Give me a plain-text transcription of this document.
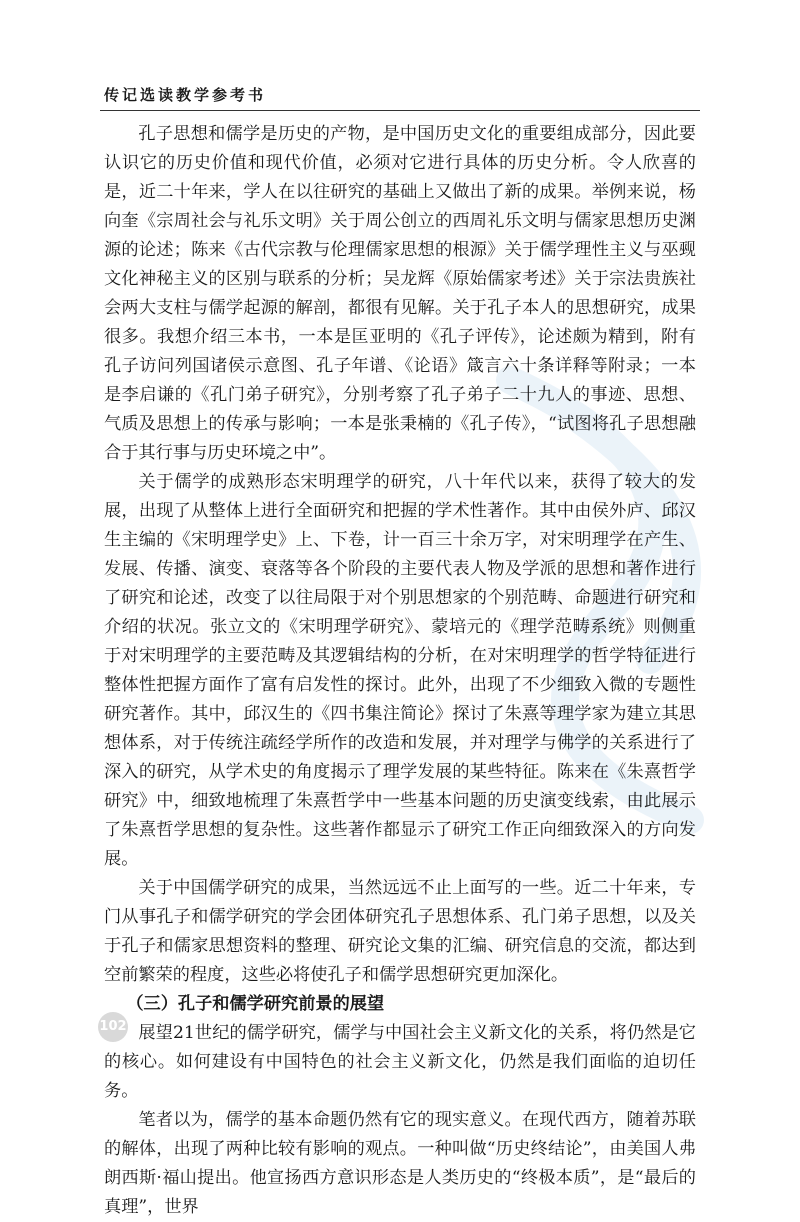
传记选读教学参考书

孔子思想和儒学是历史的产物，是中国历史文化的重要组成部分，因此要认识它的历史价值和现代价值，必须对它进行具体的历史分析。令人欣喜的是，近二十年来，学人在以往研究的基础上又做出了新的成果。举例来说，杨向奎《宗周社会与礼乐文明》关于周公创立的西周礼乐文明与儒家思想历史渊源的论述；陈来《古代宗教与伦理儒家思想的根源》关于儒学理性主义与巫觋文化神秘主义的区别与联系的分析；吴龙辉《原始儒家考述》关于宗法贵族社会两大支柱与儒学起源的解剖，都很有见解。关于孔子本人的思想研究，成果很多。我想介绍三本书，一本是匡亚明的《孔子评传》，论述颇为精到，附有孔子访问列国诸侯示意图、孔子年谱、《论语》箴言六十条详释等附录；一本是李启谦的《孔门弟子研究》，分别考察了孔子弟子二十九人的事迹、思想、气质及思想上的传承与影响；一本是张秉楠的《孔子传》，“试图将孔子思想融合于其行事与历史环境之中”。

关于儒学的成熟形态宋明理学的研究，八十年代以来，获得了较大的发展，出现了从整体上进行全面研究和把握的学术性著作。其中由侯外庐、邱汉生主编的《宋明理学史》上、下卷，计一百三十余万字，对宋明理学在产生、发展、传播、演变、衰落等各个阶段的主要代表人物及学派的思想和著作进行了研究和论述，改变了以往局限于对个别思想家的个别范畴、命题进行研究和介绍的状况。张立文的《宋明理学研究》、蒙培元的《理学范畴系统》则侧重于对宋明理学的主要范畴及其逻辑结构的分析，在对宋明理学的哲学特征进行整体性把握方面作了富有启发性的探讨。此外，出现了不少细致入微的专题性研究著作。其中，邱汉生的《四书集注简论》探讨了朱熹等理学家为建立其思想体系，对于传统注疏经学所作的改造和发展，并对理学与佛学的关系进行了深入的研究，从学术史的角度揭示了理学发展的某些特征。陈来在《朱熹哲学研究》中，细致地梳理了朱熹哲学中一些基本问题的历史演变线索，由此展示了朱熹哲学思想的复杂性。这些著作都显示了研究工作正向细致深入的方向发展。

关于中国儒学研究的成果，当然远远不止上面写的一些。近二十年来，专门从事孔子和儒学研究的学会团体研究孔子思想体系、孔门弟子思想，以及关于孔子和儒家思想资料的整理、研究论文集的汇编、研究信息的交流，都达到空前繁荣的程度，这些必将使孔子和儒学思想研究更加深化。

（三）孔子和儒学研究前景的展望

展望21世纪的儒学研究，儒学与中国社会主义新文化的关系，将仍然是它的核心。如何建设有中国特色的社会主义新文化，仍然是我们面临的迫切任务。

笔者以为，儒学的基本命题仍然有它的现实意义。在现代西方，随着苏联的解体，出现了两种比较有影响的观点。一种叫做“历史终结论”，由美国人弗朗西斯·福山提出。他宣扬西方意识形态是人类历史的“终极本质”，是“最后的真理”，世界

102
